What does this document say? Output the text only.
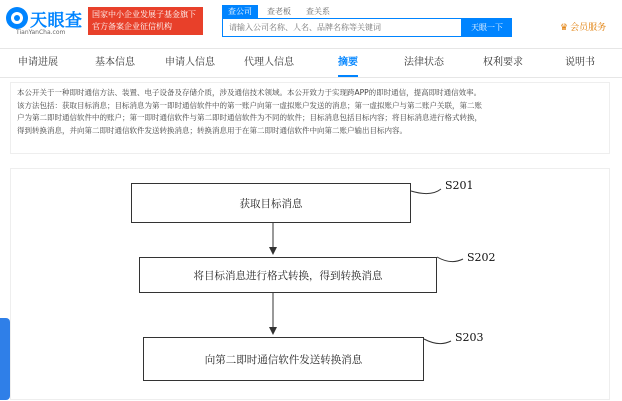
天眼查
TianYanCha.com
国家中小企业发展子基金旗下
官方备案企业征信机构
查公司	查老板	查关系
请输入公司名称、人名、品牌名称等关键词
天眼一下	♛ 会员服务
申请进展	基本信息	申请人信息	代理人信息	摘要	法律状态	权利要求	说明书
本公开关于一种即时通信方法、装置、电子设备及存储介质，涉及通信技术领域。本公开致力于实现跨APP的即时通信，提高即时通信效率。
该方法包括：获取目标消息；目标消息为第一即时通信软件中的第一账户向第一虚拟账户发送的消息；第一虚拟账户与第二账户关联，第二账
户为第二即时通信软件中的账户；第一即时通信软件与第二即时通信软件为不同的软件；目标消息包括目标内容；将目标消息进行格式转换，
得到转换消息，并向第二即时通信软件发送转换消息；转换消息用于在第二即时通信软件中向第二账户输出目标内容。
获取目标消息
S201
将目标消息进行格式转换，得到转换消息
S202
向第二即时通信软件发送转换消息
S203
